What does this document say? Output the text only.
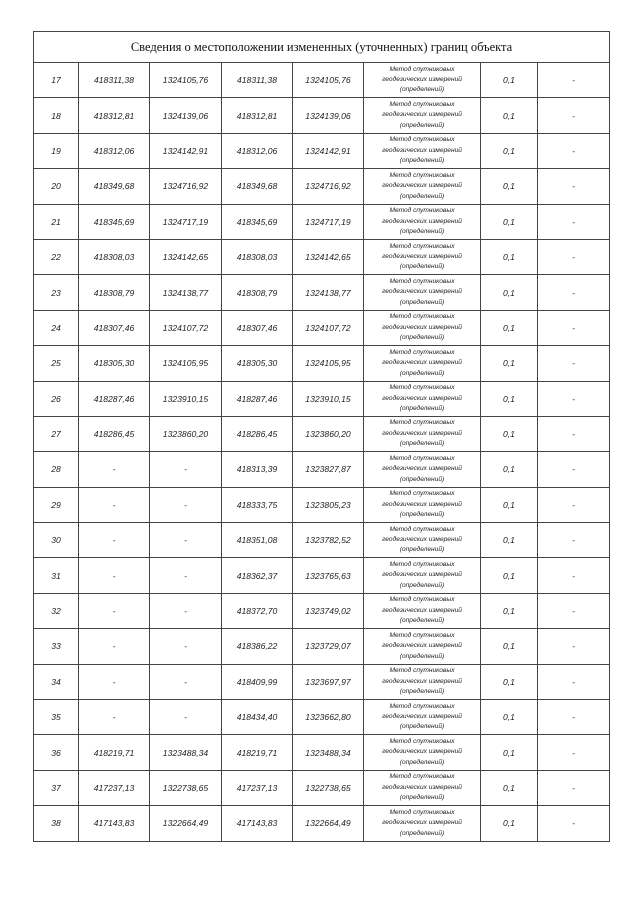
Сведения о местоположении измененных (уточненных) границ объекта							
17	418311,38	1324105,76	418311,38	1324105,76	Метод спутниковых
геодезических измерений
(определений)	0,1	-
18	418312,81	1324139,06	418312,81	1324139,06	Метод спутниковых
геодезических измерений
(определений)	0,1	-
19	418312,06	1324142,91	418312,06	1324142,91	Метод спутниковых
геодезических измерений
(определений)	0,1	-
20	418349,68	1324716,92	418349,68	1324716,92	Метод спутниковых
геодезических измерений
(определений)	0,1	-
21	418345,69	1324717,19	418345,69	1324717,19	Метод спутниковых
геодезических измерений
(определений)	0,1	-
22	418308,03	1324142,65	418308,03	1324142,65	Метод спутниковых
геодезических измерений
(определений)	0,1	-
23	418308,79	1324138,77	418308,79	1324138,77	Метод спутниковых
геодезических измерений
(определений)	0,1	-
24	418307,46	1324107,72	418307,46	1324107,72	Метод спутниковых
геодезических измерений
(определений)	0,1	-
25	418305,30	1324105,95	418305,30	1324105,95	Метод спутниковых
геодезических измерений
(определений)	0,1	-
26	418287,46	1323910,15	418287,46	1323910,15	Метод спутниковых
геодезических измерений
(определений)	0,1	-
27	418286,45	1323860,20	418286,45	1323860,20	Метод спутниковых
геодезических измерений
(определений)	0,1	-
28	-	-	418313,39	1323827,87	Метод спутниковых
геодезических измерений
(определений)	0,1	-
29	-	-	418333,75	1323805,23	Метод спутниковых
геодезических измерений
(определений)	0,1	-
30	-	-	418351,08	1323782,52	Метод спутниковых
геодезических измерений
(определений)	0,1	-
31	-	-	418362,37	1323765,63	Метод спутниковых
геодезических измерений
(определений)	0,1	-
32	-	-	418372,70	1323749,02	Метод спутниковых
геодезических измерений
(определений)	0,1	-
33	-	-	418386,22	1323729,07	Метод спутниковых
геодезических измерений
(определений)	0,1	-
34	-	-	418409,99	1323697,97	Метод спутниковых
геодезических измерений
(определений)	0,1	-
35	-	-	418434,40	1323662,80	Метод спутниковых
геодезических измерений
(определений)	0,1	-
36	418219,71	1323488,34	418219,71	1323488,34	Метод спутниковых
геодезических измерений
(определений)	0,1	-
37	417237,13	1322738,65	417237,13	1322738,65	Метод спутниковых
геодезических измерений
(определений)	0,1	-
38	417143,83	1322664,49	417143,83	1322664,49	Метод спутниковых
геодезических измерений
(определений)	0,1	-
